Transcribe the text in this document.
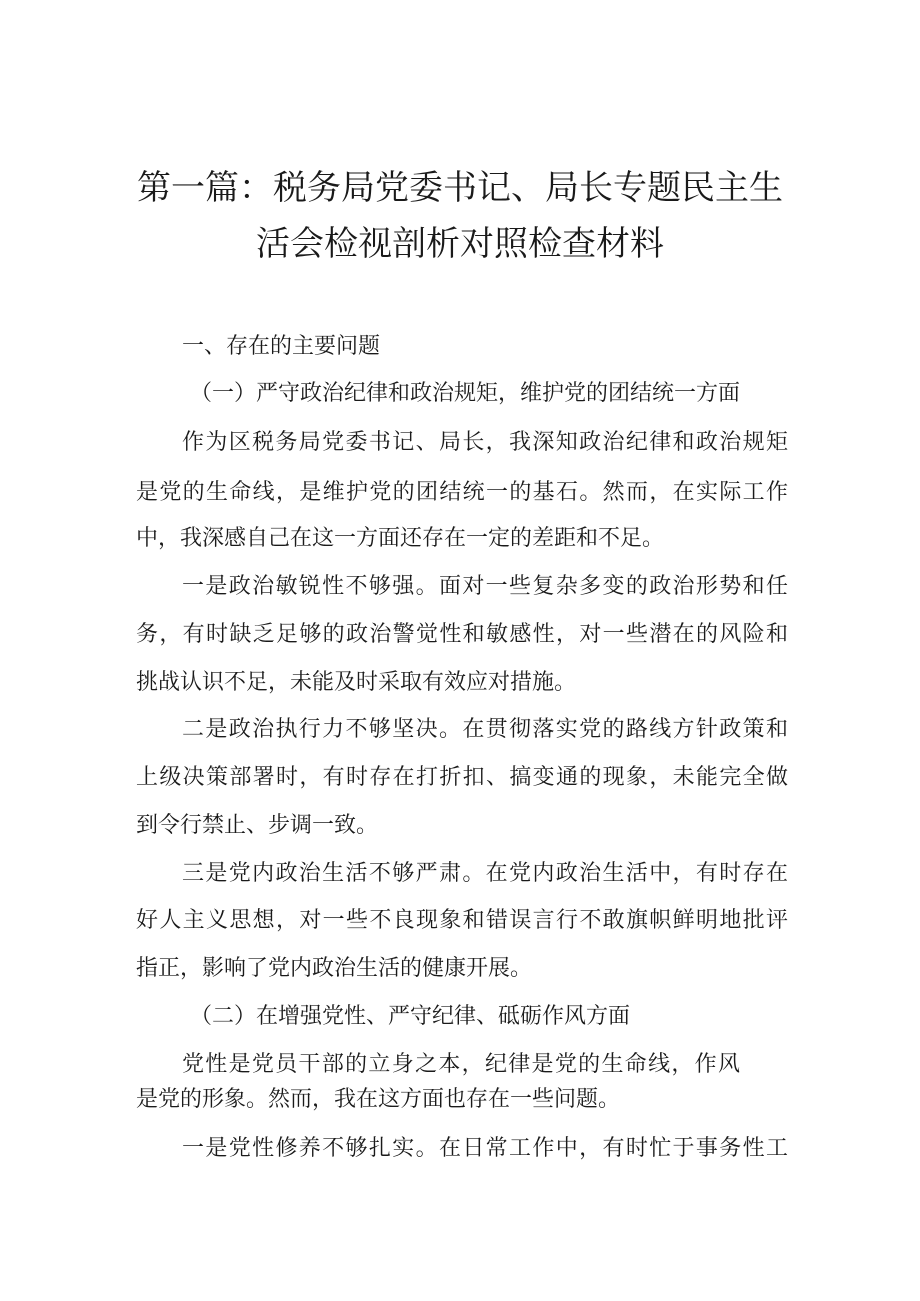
第一篇：税务局党委书记、局长专题民主生
活会检视剖析对照检查材料
一、存在的主要问题
（一）严守政治纪律和政治规矩，维护党的团结统一方面
作为区税务局党委书记、局长，我深知政治纪律和政治规矩
是党的生命线，是维护党的团结统一的基石。然而，在实际工作
中，我深感自己在这一方面还存在一定的差距和不足。
一是政治敏锐性不够强。面对一些复杂多变的政治形势和任
务，有时缺乏足够的政治警觉性和敏感性，对一些潜在的风险和
挑战认识不足，未能及时采取有效应对措施。
二是政治执行力不够坚决。在贯彻落实党的路线方针政策和
上级决策部署时，有时存在打折扣、搞变通的现象，未能完全做
到令行禁止、步调一致。
三是党内政治生活不够严肃。在党内政治生活中，有时存在
好人主义思想，对一些不良现象和错误言行不敢旗帜鲜明地批评
指正，影响了党内政治生活的健康开展。
（二）在增强党性、严守纪律、砥砺作风方面
党性是党员干部的立身之本，纪律是党的生命线，作风
是党的形象。然而，我在这方面也存在一些问题。
一是党性修养不够扎实。在日常工作中，有时忙于事务性工
